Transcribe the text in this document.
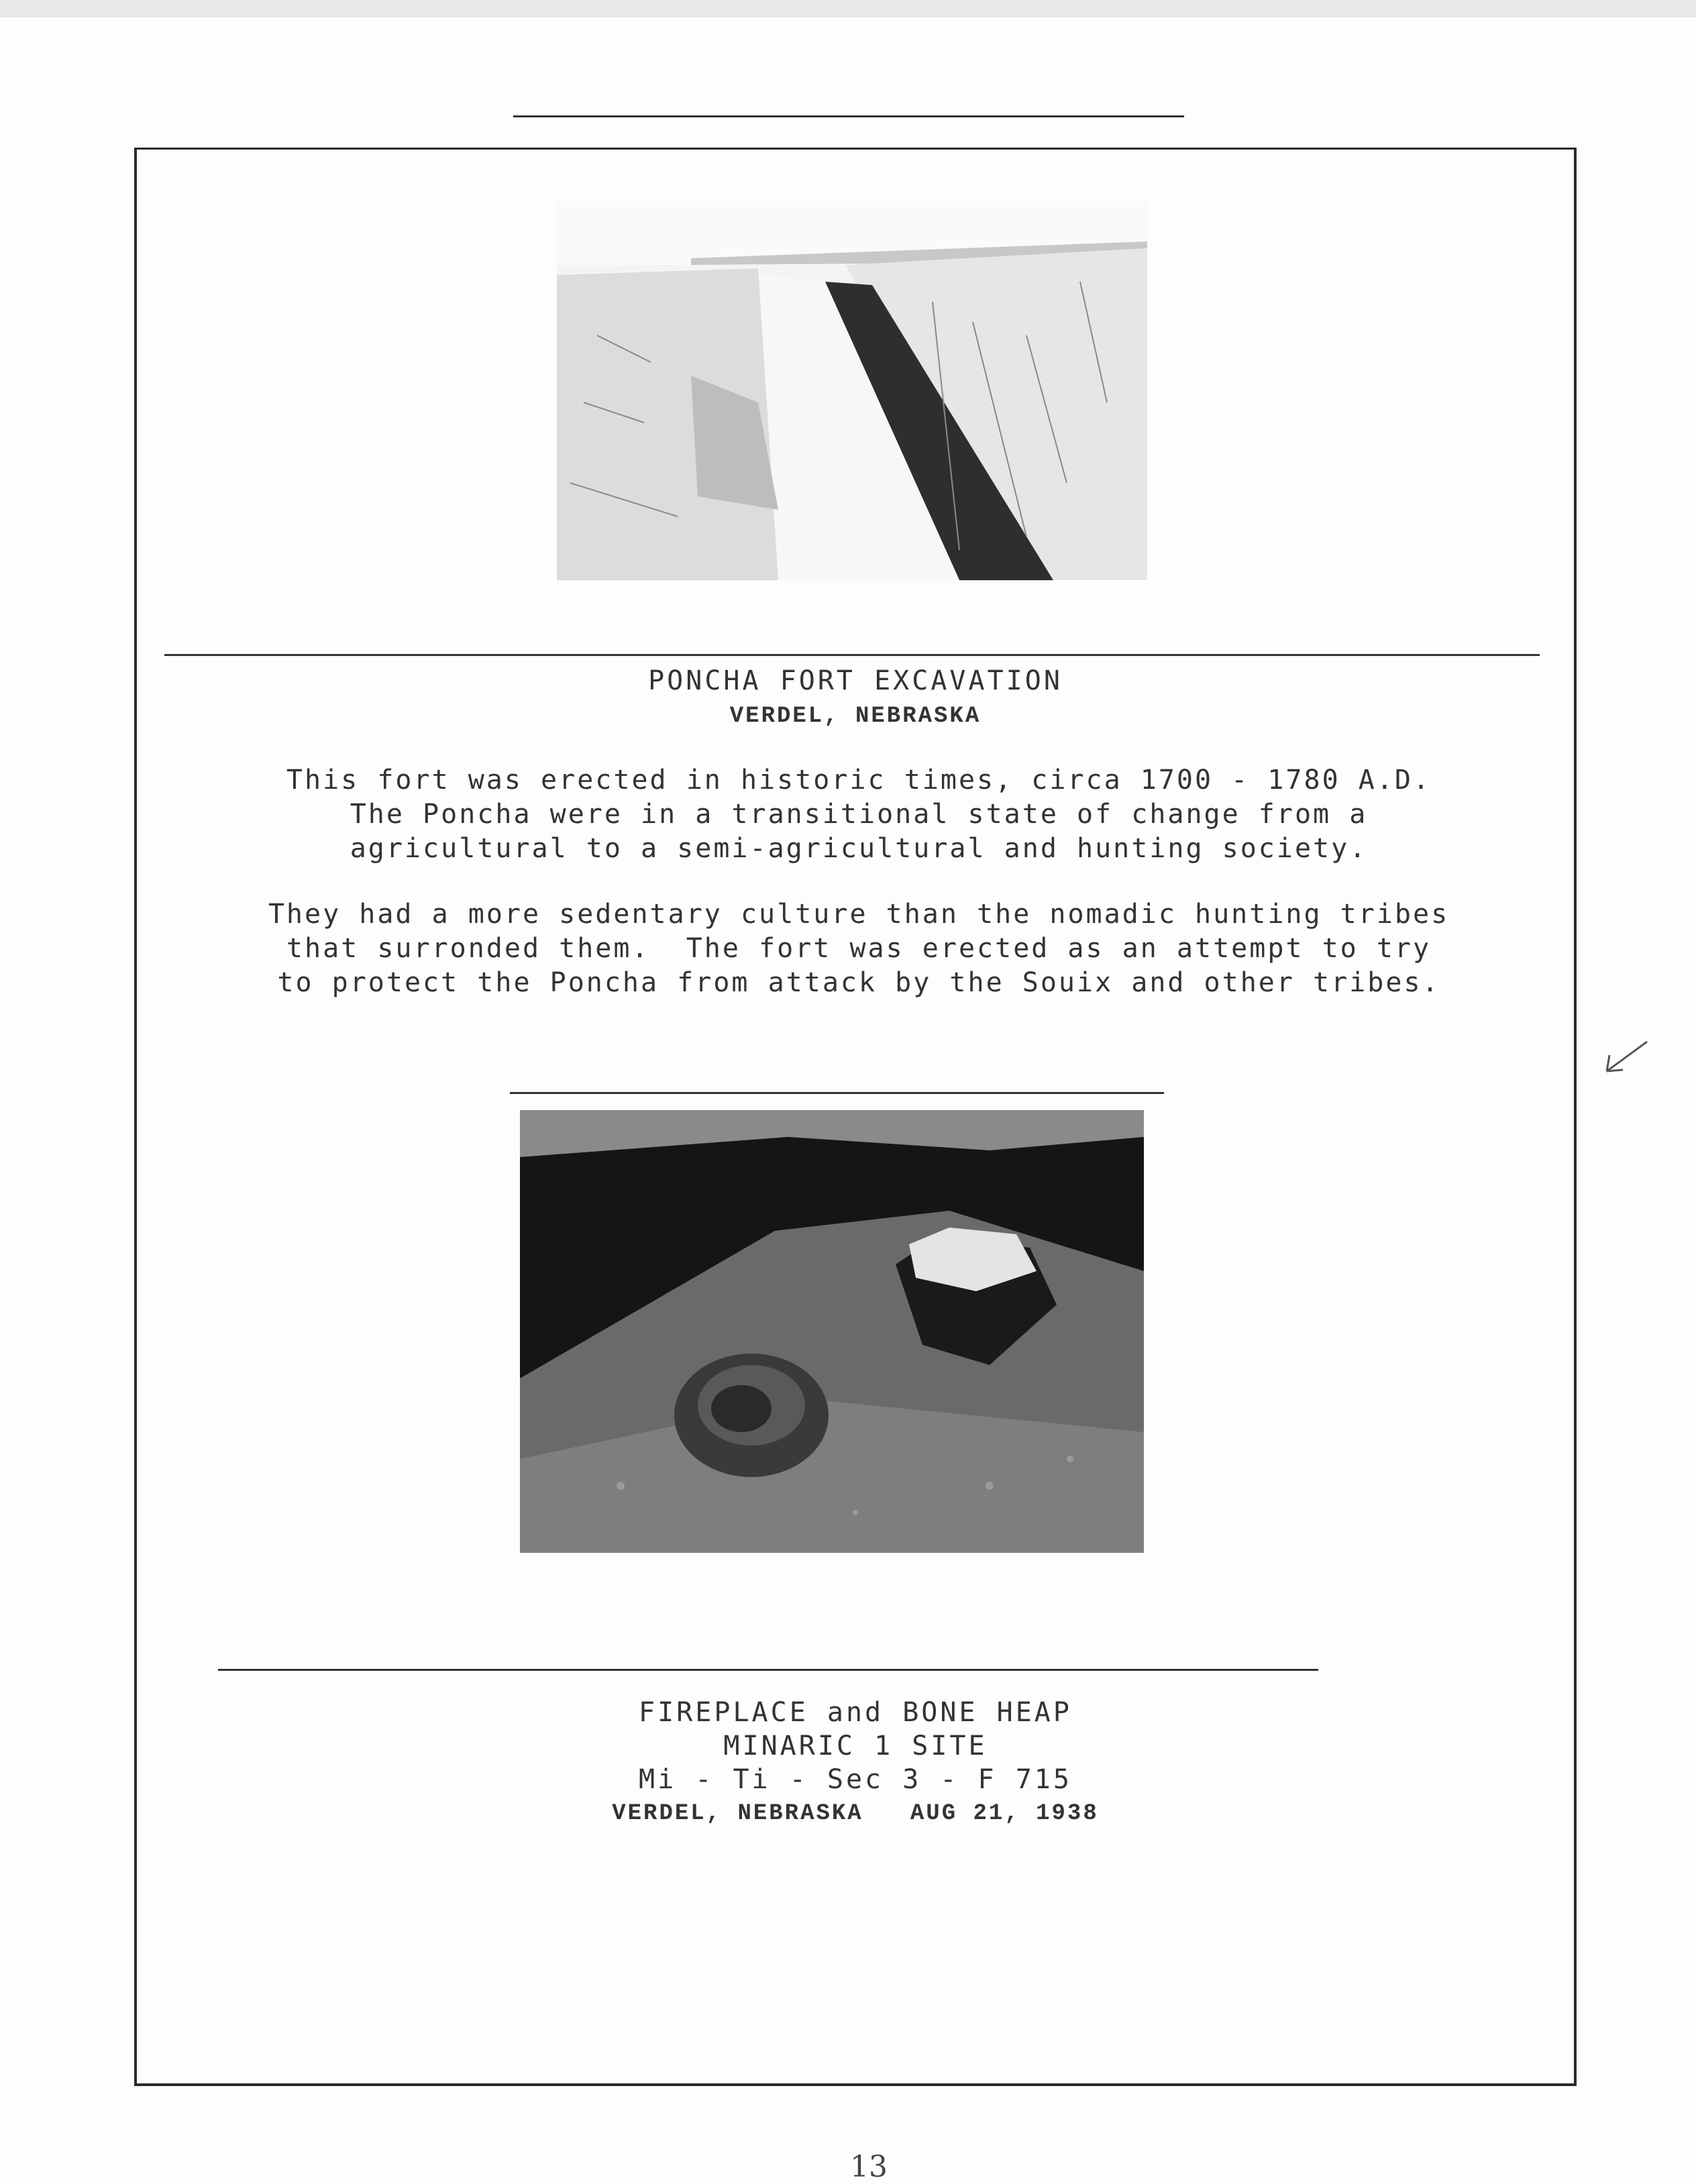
PONCHA FORT EXCAVATION
VERDEL, NEBRASKA
This fort was erected in historic times, circa 1700 - 1780 A.D.
The Poncha were in a transitional state of change from a
agricultural to a semi-agricultural and hunting society.
They had a more sedentary culture than the nomadic hunting tribes
that surronded them.  The fort was erected as an attempt to try
to protect the Poncha from attack by the Souix and other tribes.
FIREPLACE and BONE HEAP
MINARIC 1 SITE
Mi - Ti - Sec 3 - F 715
VERDEL, NEBRASKA   AUG 21, 1938
13
